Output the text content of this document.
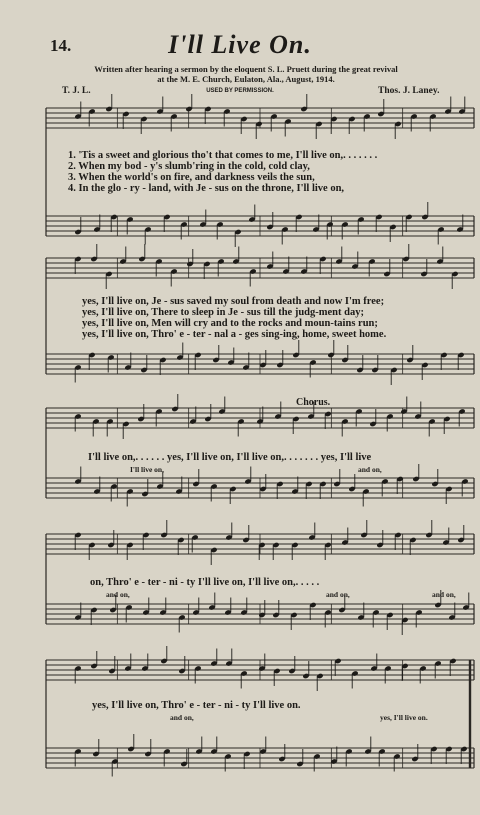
14.	I'll Live On.
Written after hearing a sermon by the eloquent S. L. Pruett during the great revival
at the M. E. Church, Eulaton, Ala., August, 1914.
T. J. L.	USED BY PERMISSION.	Thos. J. Laney.
1. 'Tis a sweet and glorious tho't that comes to me, I'll live on,. . . . . . .
2. When my bod - y's slumb'ring in the cold, cold clay,
3. When the world's on fire, and darkness veils the sun,
4. In the glo - ry - land, with Je - sus on the throne, I'll live on,
yes, I'll live on, Je - sus saved my soul from death and now I'm free;
yes, I'll live on, There to sleep in Je - sus till the judg-ment day;
yes, I'll live on, Men will cry and to the rocks and moun-tains run;
yes, I'll live on, Thro' e - ter - nal a - ges sing-ing, home, sweet home.
Chorus.
I'll live on,. . . . . . yes, I'll live on, I'll live on,. . . . . . . yes, I'll live
I'll live on,	and on,
on, Thro' e - ter - ni - ty I'll live on, I'll live on,. . . . .
and on,	and on,	and on,
yes, I'll live on, Thro' e - ter - ni - ty I'll live on.
and on,	yes, I'll live on.
